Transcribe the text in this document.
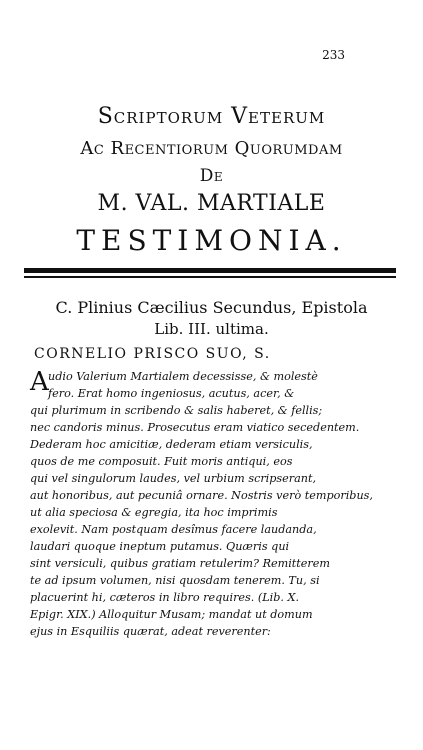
233
Scriptorum Veterum
Ac Recentiorum Quorumdam
De
M. VAL. MARTIALE
TESTIMONIA.
C. Plinius Cæcilius Secundus, Epistola
Lib. III. ultima.
CORNELIO PRISCO SUO, S.
A udio Valerium Martialem decessisse, & molestè
fero. Erat homo ingeniosus, acutus, acer, &
qui plurimum in scribendo & salis haberet, & fellis;
nec candoris minus. Prosecutus eram viatico secedentem.
Dederam hoc amicitiæ, dederam etiam versiculis,
quos de me composuit. Fuit moris antiqui, eos
qui vel singulorum laudes, vel urbium scripserant,
aut honoribus, aut pecuniâ ornare. Nostris verò temporibus,
ut alia speciosa & egregia, ita hoc imprimis
exolevit. Nam postquam desîmus facere laudanda,
laudari quoque ineptum putamus. Quæris qui
sint versiculi, quibus gratiam retulerim? Remitterem
te ad ipsum volumen, nisi quosdam tenerem. Tu, si
placuerint hi, cæteros in libro requires. (Lib. X.
Epigr. XIX.) Alloquitur Musam; mandat ut domum
ejus in Esquiliis quærat, adeat reverenter:
